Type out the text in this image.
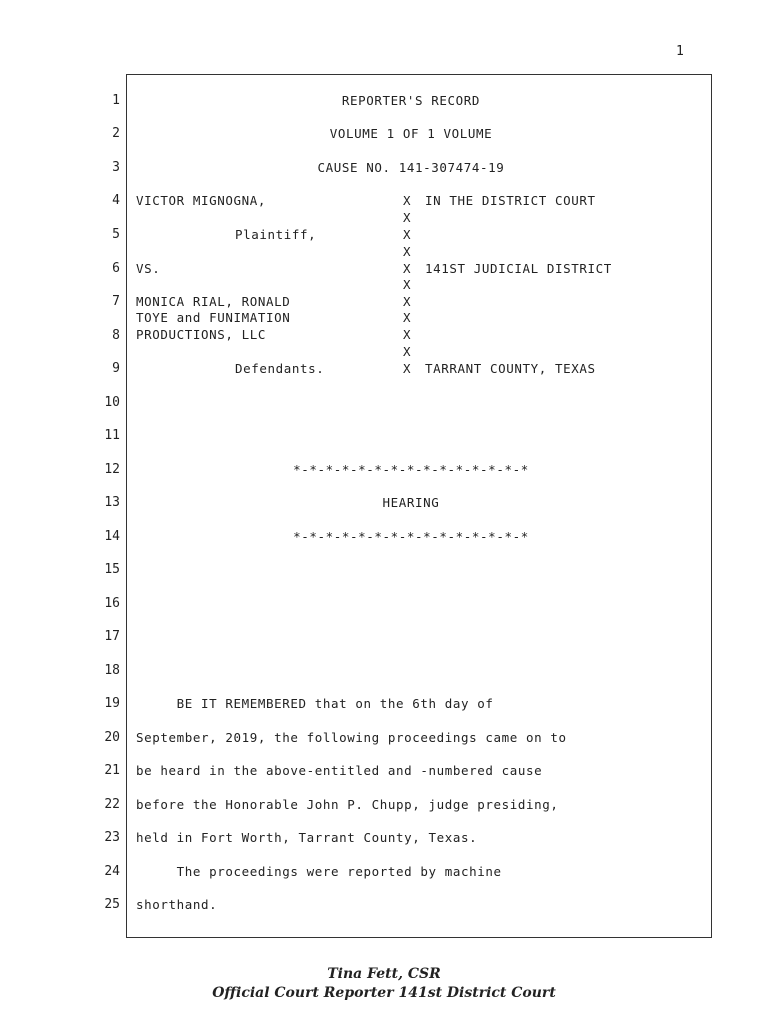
1
1
2
3
4
5
6
7
8
9
10
11
12
13
14
15
16
17
18
19
20
21
22
23
24
25
REPORTER'S RECORD
VOLUME 1 OF 1 VOLUME
CAUSE NO. 141-307474-19
VICTOR MIGNOGNA,
Plaintiff,
VS.
MONICA RIAL, RONALD
TOYE and FUNIMATION
PRODUCTIONS, LLC
Defendants.
X
X
X
X
X
X
X
X
X
X
X
IN THE DISTRICT COURT
141ST JUDICIAL DISTRICT
TARRANT COUNTY, TEXAS
*-*-*-*-*-*-*-*-*-*-*-*-*-*-*
HEARING
*-*-*-*-*-*-*-*-*-*-*-*-*-*-*
BE IT REMEMBERED that on the 6th day of
September, 2019, the following proceedings came on to
be heard in the above-entitled and -numbered cause
before the Honorable John P. Chupp, judge presiding,
held in Fort Worth, Tarrant County, Texas.
The proceedings were reported by machine
shorthand.
Tina Fett, CSR
Official Court Reporter 141st District Court
